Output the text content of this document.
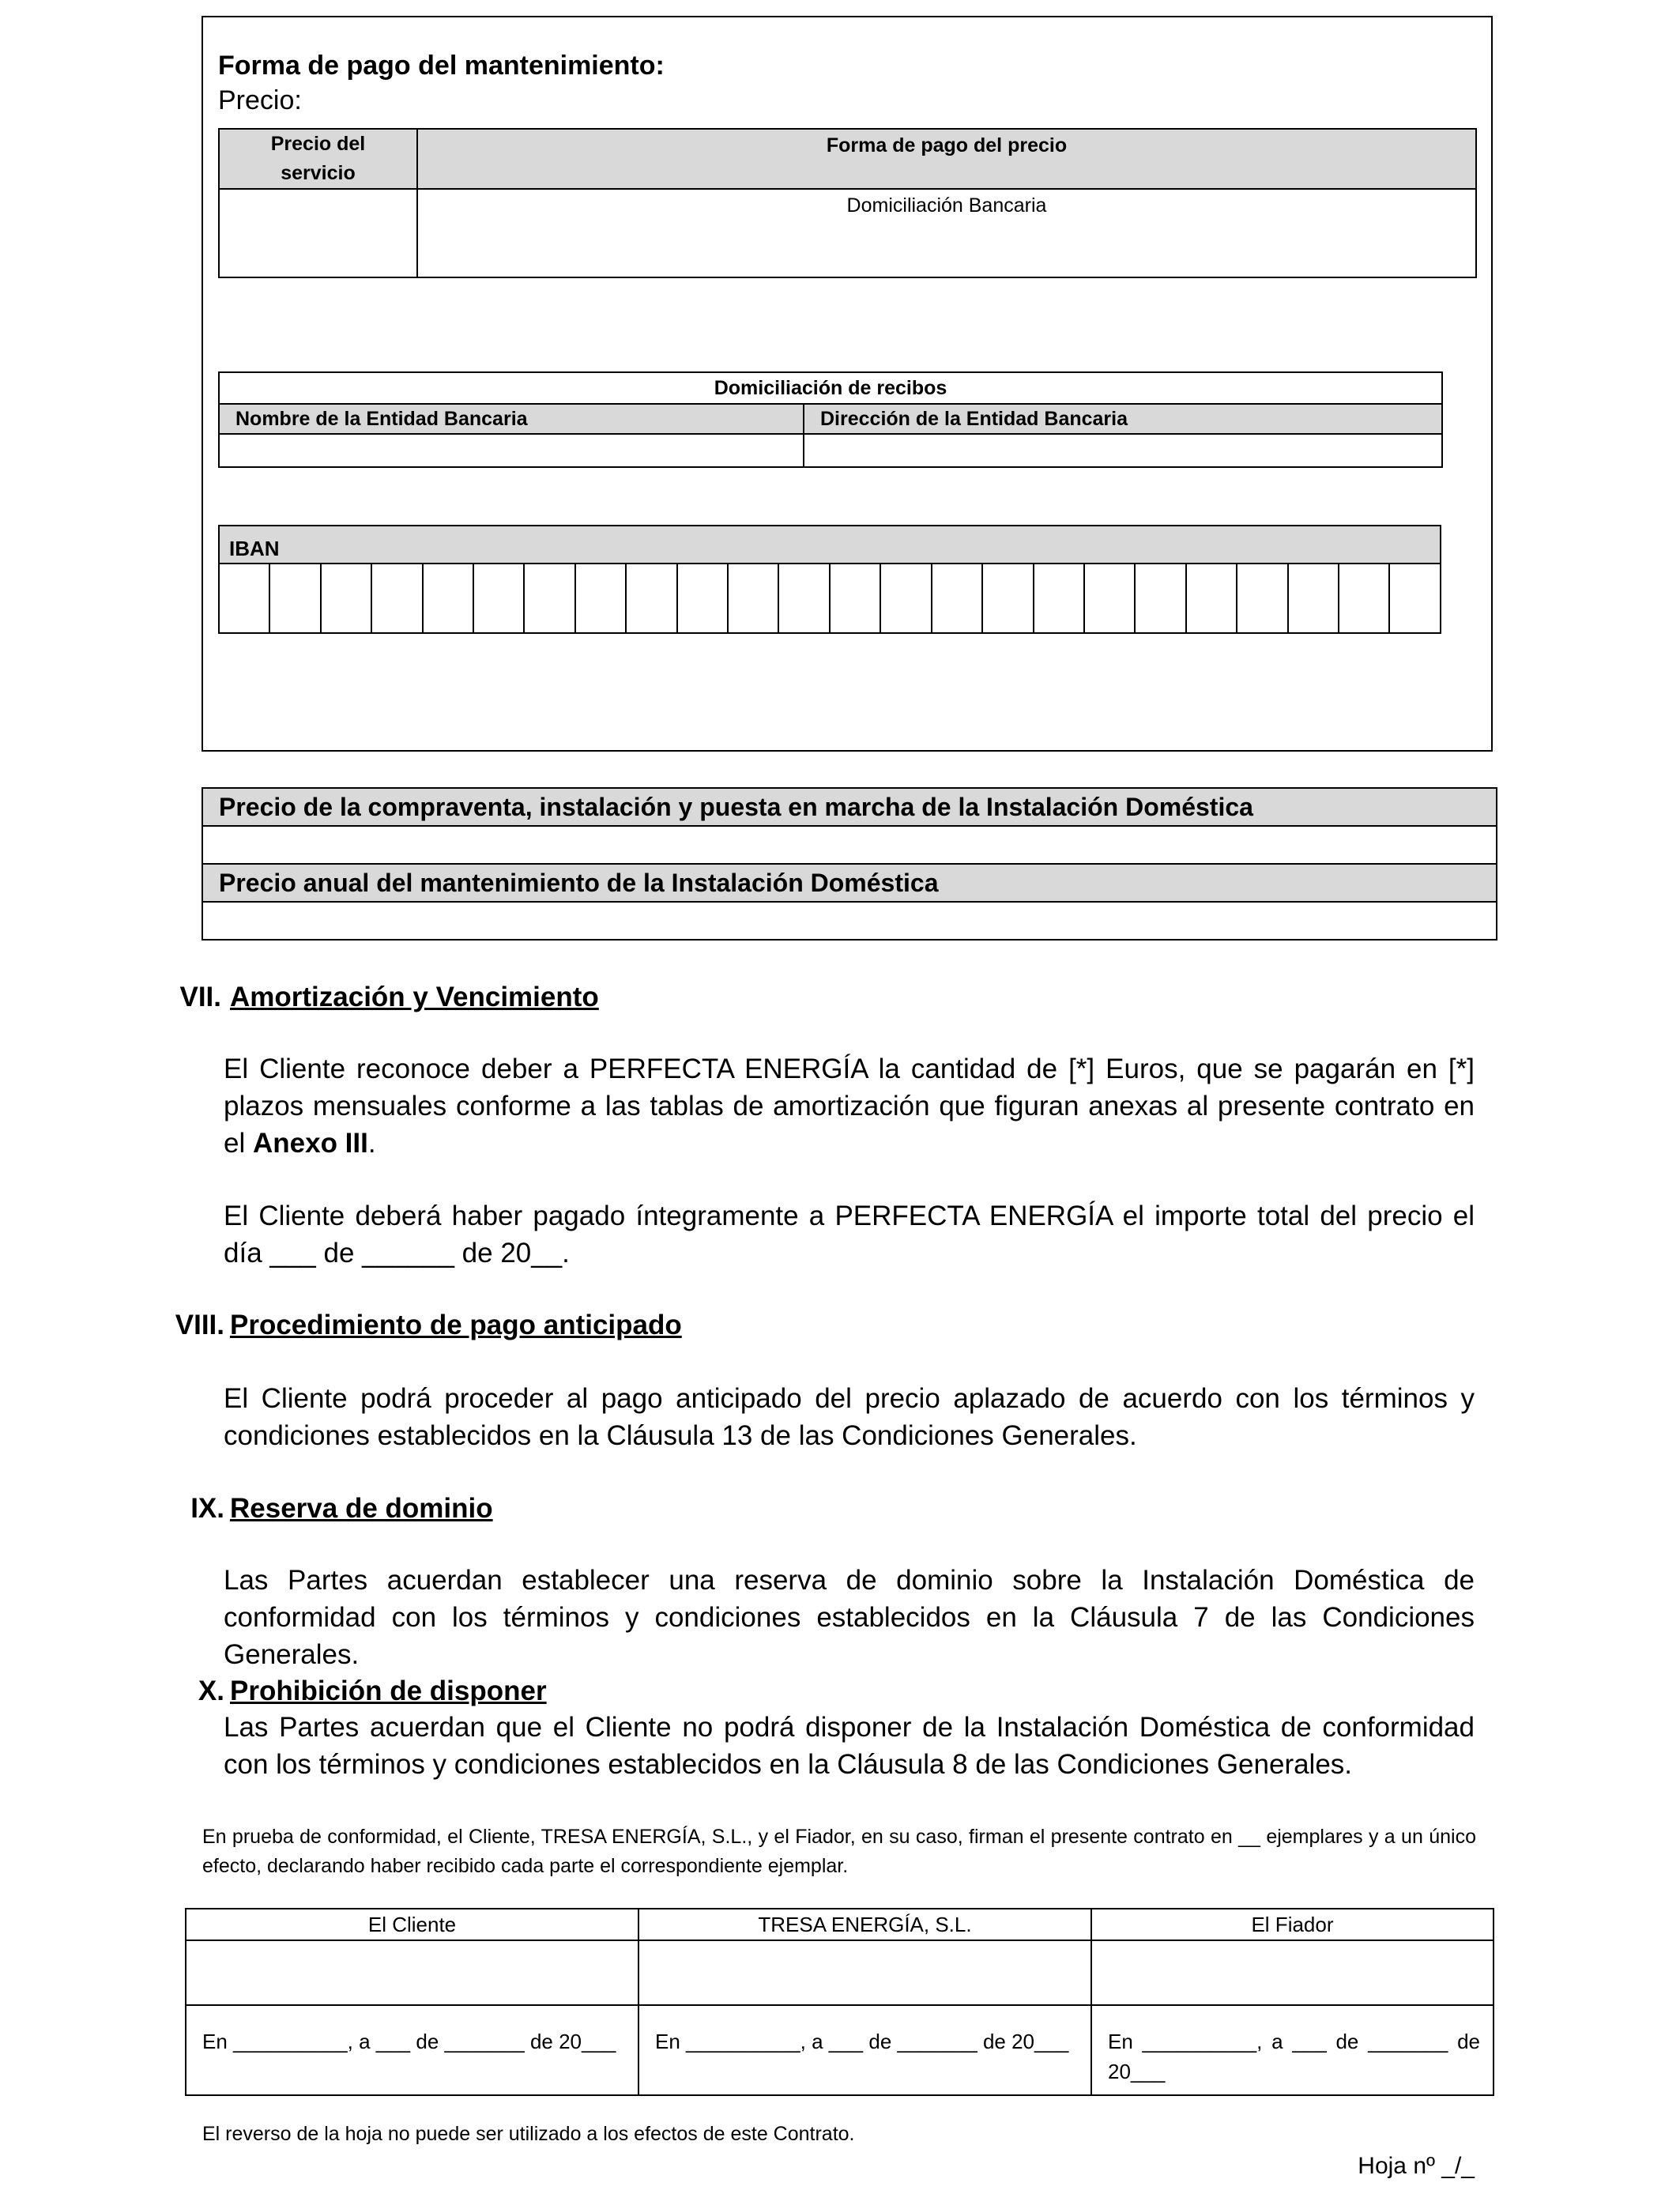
Forma de pago del mantenimiento:
Precio:
Precio del servicio	Forma de pago del precio
	Domiciliación Bancaria
Domiciliación de recibos	
Nombre de la Entidad Bancaria	Dirección de la Entidad Bancaria

IBAN

Precio de la compraventa, instalación y puesta en marcha de la Instalación Doméstica

Precio anual del mantenimiento de la Instalación Doméstica

VII. Amortización y Vencimiento
El Cliente reconoce deber a PERFECTA ENERGÍA la cantidad de [*] Euros, que se pagarán en [*] plazos mensuales conforme a las tablas de amortización que figuran anexas al presente contrato en el Anexo III.
El Cliente deberá haber pagado íntegramente a PERFECTA ENERGÍA el importe total del precio el día ___ de ______ de 20__.
VIII. Procedimiento de pago anticipado
El Cliente podrá proceder al pago anticipado del precio aplazado de acuerdo con los términos y condiciones establecidos en la Cláusula 13 de las Condiciones Generales.
IX. Reserva de dominio
Las Partes acuerdan establecer una reserva de dominio sobre la Instalación Doméstica de conformidad con los términos y condiciones establecidos en la Cláusula 7 de las Condiciones Generales.
X. Prohibición de disponer
Las Partes acuerdan que el Cliente no podrá disponer de la Instalación Doméstica de conformidad con los términos y condiciones establecidos en la Cláusula 8 de las Condiciones Generales.
En prueba de conformidad, el Cliente, TRESA ENERGÍA, S.L., y el Fiador, en su caso, firman el presente contrato en __ ejemplares y a un único efecto, declarando haber recibido cada parte el correspondiente ejemplar.
El Cliente	TRESA ENERGÍA, S.L.	El Fiador

En __________, a ___ de _______ de 20___	En __________, a ___ de _______ de 20___	En __________, a ___ de _______ de 20___
El reverso de la hoja no puede ser utilizado a los efectos de este Contrato.
Hoja nº _/_
